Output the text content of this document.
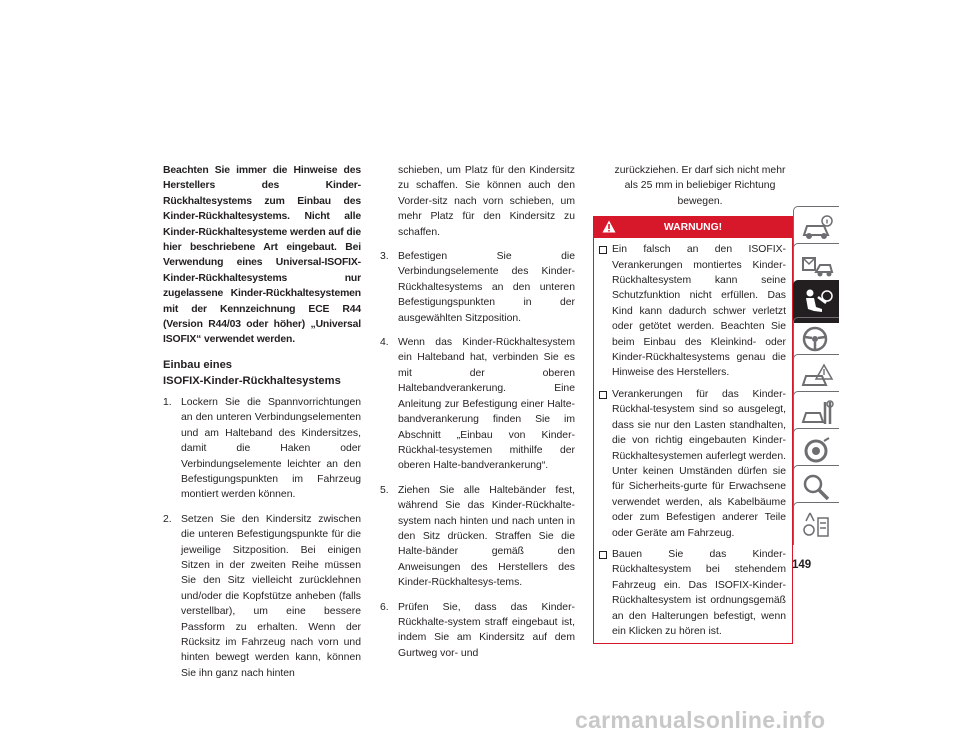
Beachten Sie immer die Hinweise des Herstellers des Kinder-Rückhaltesystems zum Einbau des Kinder-Rückhaltesystems. Nicht alle Kinder-Rückhaltesysteme werden auf die hier beschriebene Art eingebaut. Bei Verwendung eines Universal-ISOFIX-Kinder-Rückhaltesystems nur zugelassene Kinder-Rückhaltesystemen mit der Kennzeichnung ECE R44 (Version R44/03 oder höher) „Universal ISOFIX“ verwendet werden.
Einbau eines
ISOFIX-Kinder-Rückhaltesystems
1. Lockern Sie die Spannvorrichtungen an den unteren Verbindungselementen und am Halteband des Kindersitzes, damit die Haken oder Verbindungselemente leichter an den Befestigungspunkten im Fahrzeug montiert werden können.
2. Setzen Sie den Kindersitz zwischen die unteren Befestigungspunkte für die jeweilige Sitzposition. Bei einigen Sitzen in der zweiten Reihe müssen Sie den Sitz vielleicht zurücklehnen und/oder die Kopfstütze anheben (falls verstellbar), um eine bessere Passform zu erhalten. Wenn der Rücksitz im Fahrzeug nach vorn und hinten bewegt werden kann, können Sie ihn ganz nach hinten
schieben, um Platz für den Kindersitz zu schaffen. Sie können auch den Vorder-sitz nach vorn schieben, um mehr Platz für den Kindersitz zu schaffen.
3. Befestigen Sie die Verbindungselemente des Kinder-Rückhaltesystems an den unteren Befestigungspunkten in der ausgewählten Sitzposition.
4. Wenn das Kinder-Rückhaltesystem ein Halteband hat, verbinden Sie es mit der oberen Haltebandverankerung. Eine Anleitung zur Befestigung einer Halte-bandverankerung finden Sie im Abschnitt „Einbau von Kinder-Rückhal-tesystemen mithilfe der oberen Halte-bandverankerung“.
5. Ziehen Sie alle Haltebänder fest, während Sie das Kinder-Rückhalte-system nach hinten und nach unten in den Sitz drücken. Straffen Sie die Halte-bänder gemäß den Anweisungen des Herstellers des Kinder-Rückhaltesys-tems.
6. Prüfen Sie, dass das Kinder-Rückhalte-system straff eingebaut ist, indem Sie am Kindersitz auf dem Gurtweg vor- und
zurückziehen. Er darf sich nicht mehr als 25 mm in beliebiger Richtung bewegen.
WARNUNG!
Ein falsch an den ISOFIX-Verankerungen montiertes Kinder-Rückhaltesystem kann seine Schutzfunktion nicht erfüllen. Das Kind kann dadurch schwer verletzt oder getötet werden. Beachten Sie beim Einbau des Kleinkind- oder Kinder-Rückhaltesystems genau die Hinweise des Herstellers.
Verankerungen für das Kinder-Rückhal-tesystem sind so ausgelegt, dass sie nur den Lasten standhalten, die von richtig eingebauten Kinder-Rückhaltesystemen auferlegt werden. Unter keinen Umständen dürfen sie für Sicherheits-gurte für Erwachsene verwendet werden, als Kabelbäume oder zum Befestigen anderer Teile oder Geräte am Fahrzeug.
Bauen Sie das Kinder-Rückhaltesystem bei stehendem Fahrzeug ein. Das ISOFIX-Kinder-Rückhaltesystem ist ordnungsgemäß an den Halterungen befestigt, wenn ein Klicken zu hören ist.
149
carmanualsonline.info
